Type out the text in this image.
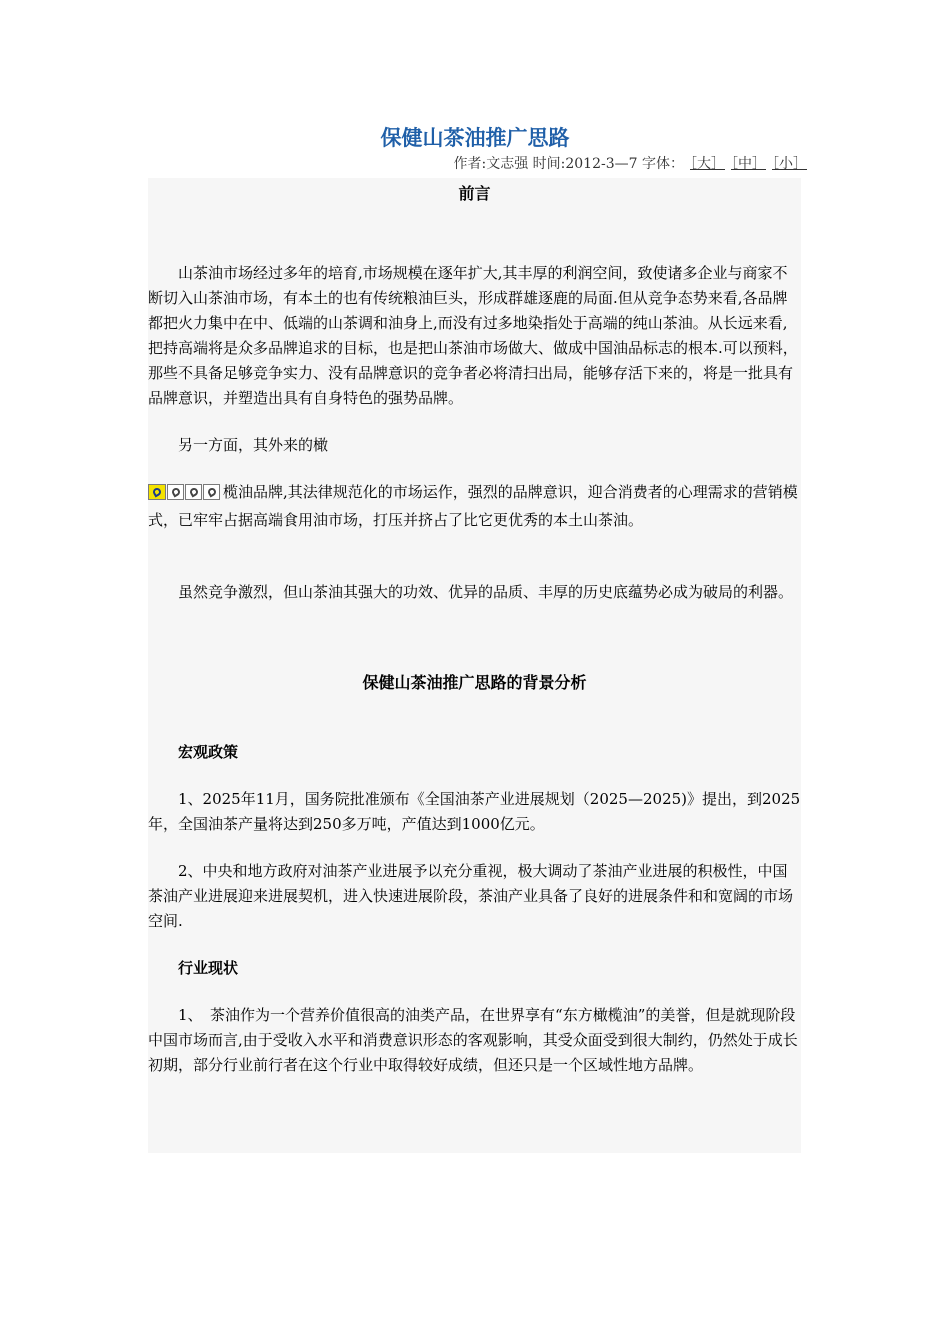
保健山茶油推广思路
作者:文志强 时间:2012-3—7 字体： ［大］ ［中］ ［小］

前言

山茶油市场经过多年的培育,市场规模在逐年扩大,其丰厚的利润空间，致使诸多企业与商家不断切入山茶油市场，有本土的也有传统粮油巨头，形成群雄逐鹿的局面.但从竞争态势来看,各品牌都把火力集中在中、低端的山茶调和油身上,而没有过多地染指处于高端的纯山茶油。从长远来看,把持高端将是众多品牌追求的目标，也是把山茶油市场做大、做成中国油品标志的根本.可以预料，那些不具备足够竞争实力、没有品牌意识的竞争者必将清扫出局，能够存活下来的，将是一批具有品牌意识，并塑造出具有自身特色的强势品牌。

另一方面，其外来的橄

榄油品牌,其法律规范化的市场运作，强烈的品牌意识，迎合消费者的心理需求的营销模式，已牢牢占据高端食用油市场，打压并挤占了比它更优秀的本土山茶油。

虽然竞争激烈，但山茶油其强大的功效、优异的品质、丰厚的历史底蕴势必成为破局的利器。

保健山茶油推广思路的背景分析

宏观政策

1、2025年11月，国务院批准颁布《全国油茶产业进展规划（2025—2025)》提出，到2025年，全国油茶产量将达到250多万吨，产值达到1000亿元。

2、中央和地方政府对油茶产业进展予以充分重视，极大调动了茶油产业进展的积极性，中国茶油产业进展迎来进展契机，进入快速进展阶段，茶油产业具备了良好的进展条件和和宽阔的市场空间.

行业现状

1、　茶油作为一个营养价值很高的油类产品，在世界享有“东方橄榄油”的美誉，但是就现阶段中国市场而言,由于受收入水平和消费意识形态的客观影响，其受众面受到很大制约，仍然处于成长初期，部分行业前行者在这个行业中取得较好成绩，但还只是一个区域性地方品牌。
